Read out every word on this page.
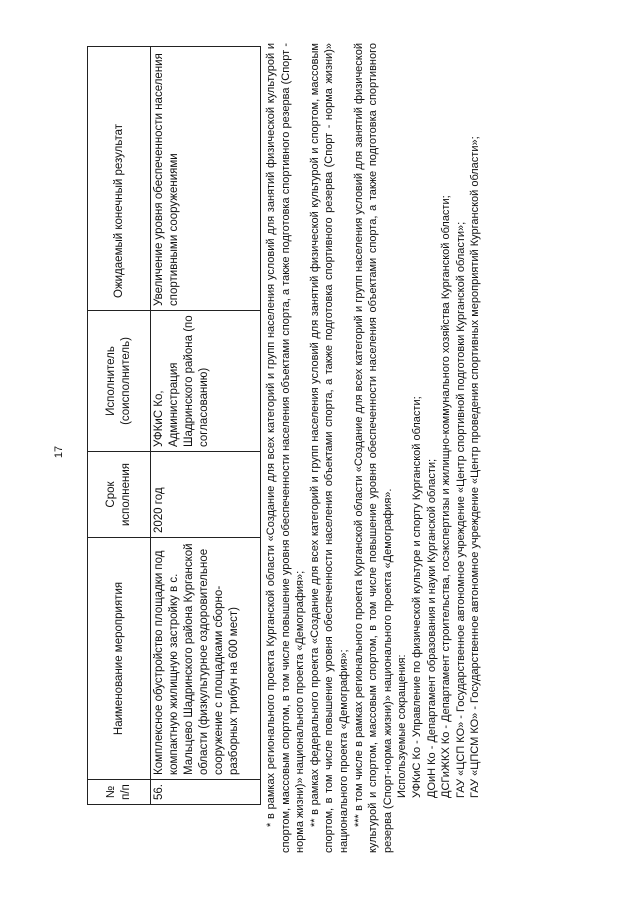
17
№ п/п	Наименование мероприятия	Срок исполнения	Исполнитель (соисполнитель)	Ожидаемый конечный результат
56.	Комплексное обустройство площадки под компактную жилищную застройку в с. Мальцево Шадринского района Курганской области (физкультурное оздоровительное сооружение с площадками сборно-разборных трибун на 600 мест)	2020 год	УФКиС Ко, Администрация Шадринского района (по согласованию)	Увеличение уровня обеспеченности населения спортивными сооружениями	* в рамках регионального проекта Курганской области «Создание для всех категорий и групп населения условий для занятий физической культурой и спортом, массовым спортом, в том числе повышение уровня обеспеченности населения объектами спорта, а также подготовка спортивного резерва (Спорт - норма жизни)» национального проекта «Демография»; ** в рамках федерального проекта «Создание для всех категорий и групп населения условий для занятий физической культурой и спортом, массовым спортом, в том числе повышение уровня обеспеченности населения объектами спорта, а также подготовка спортивного резерва (Спорт - норма жизни)» национального проекта «Демография»; *** в том числе в рамках регионального проекта Курганской области «Создание для всех категорий и групп населения условий для занятий физической культурой и спортом, массовым спортом, в том числе повышение уровня обеспеченности населения объектами спорта, а также подготовка спортивного резерва (Спорт-норма жизни)» национального проекта «Демография». Используемые сокращения: УФКиС Ко - Управление по физической культуре и спорту Курганской области; ДОиН Ко - Департамент образования и науки Курганской области; ДСГиЖКХ Ко - Департамент строительства, госэкспертизы и жилищно-коммунального хозяйства Курганской области; ГАУ «ЦСП КО» - Государственное автономное учреждение «Центр спортивной подготовки Курганской области»; ГАУ «ЦПСМ КО» - Государственное автономное учреждение «Центр проведения спортивных мероприятий Курганской области»;
